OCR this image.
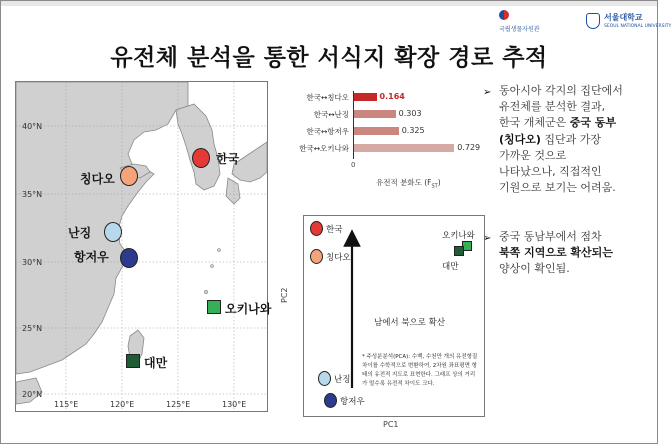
국립생물자원관
서울대학교
SEOUL NATIONAL UNIVERSITY
유전체 분석을 통한 서식지 확장 경로 추적
40°N
35°N
30°N
25°N
20°N
115°E	120°E	125°E	130°E
한국
칭다오
난징
항저우
오키나와
대만
한국↔칭다오	0.164
한국↔난징	0.303
한국↔항저우	0.325
한국↔오키나와	0.729
0
유전적 분화도 $(F_{ST})$
한국
칭다오
난징
항저우
오키나와
대만
남에서 북으로 확산
* 주성분분석(PCA): 수백, 수천만 개의 유전형질 차이를 수학적으로 변환하여, 2차원 좌표평면 형태의 유전적 지도로 표현한다. 그래프 상의 거리가 멀수록 유전적 차이도 크다.
PC1
PC2
➢ 동아시아 각지의 집단에서
유전체를 분석한 결과,
한국 개체군은 중국 동부
(칭다오) 집단과 가장
가까운 것으로
나타났으나, 직접적인
기원으로 보기는 어려움.
➢ 중국 동남부에서 점차
북쪽 지역으로 확산되는
양상이 확인됨.
